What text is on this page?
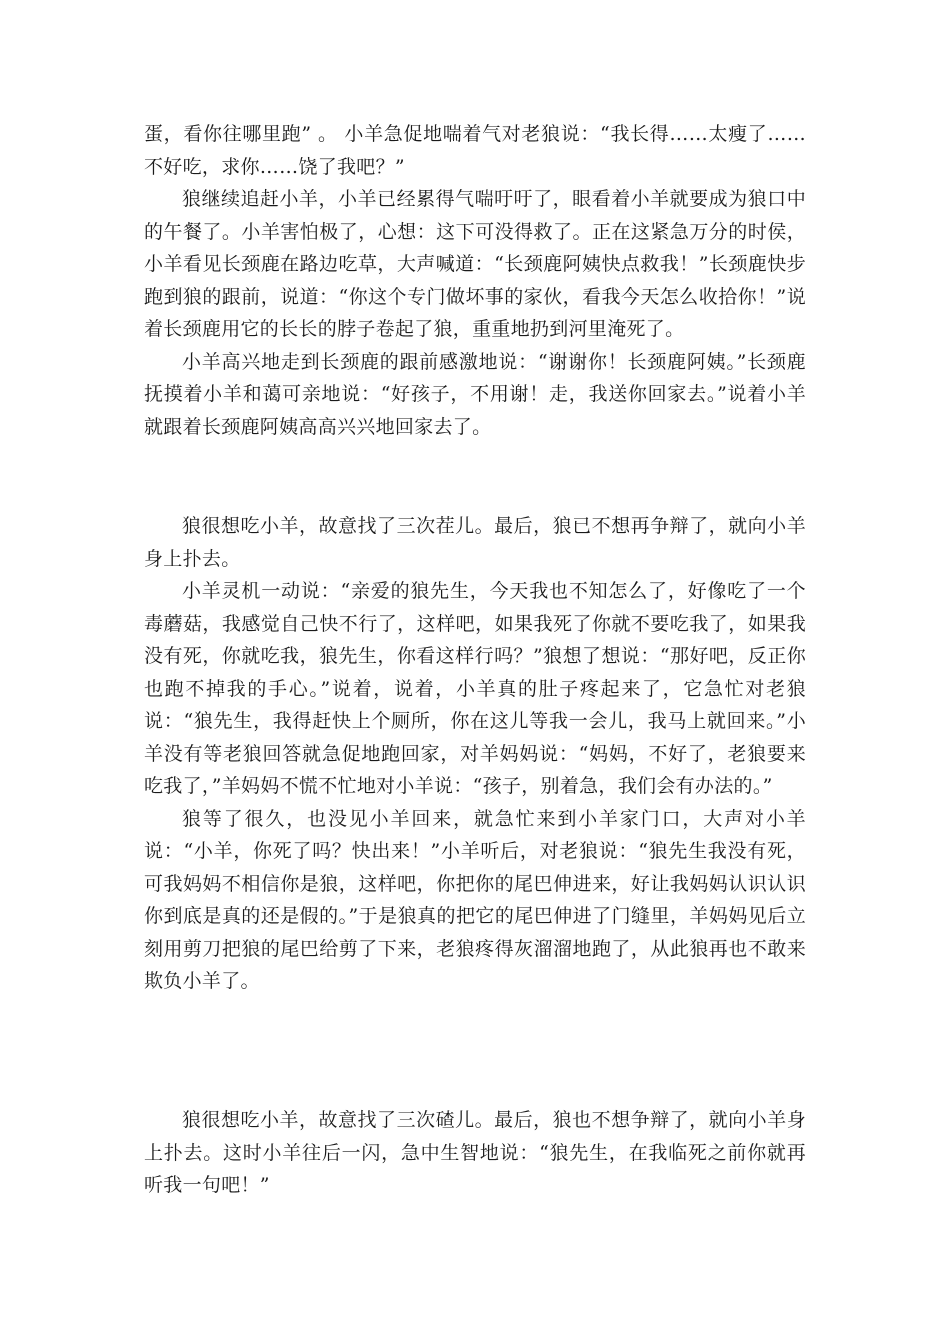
蛋，看你往哪里跑” 。 小羊急促地喘着气对老狼说：“我长得……太瘦了……不好吃，求你……饶了我吧？”

狼继续追赶小羊，小羊已经累得气喘吁吁了，眼看着小羊就要成为狼口中的午餐了。小羊害怕极了，心想：这下可没得救了。正在这紧急万分的时侯，小羊看见长颈鹿在路边吃草，大声喊道：“长颈鹿阿姨快点救我！”长颈鹿快步跑到狼的跟前，说道：“你这个专门做坏事的家伙，看我今天怎么收拾你！”说着长颈鹿用它的长长的脖子卷起了狼，重重地扔到河里淹死了。

小羊高兴地走到长颈鹿的跟前感激地说：“谢谢你！长颈鹿阿姨。”长颈鹿抚摸着小羊和蔼可亲地说：“好孩子，不用谢！走，我送你回家去。”说着小羊就跟着长颈鹿阿姨高高兴兴地回家去了。

狼很想吃小羊，故意找了三次茬儿。最后，狼已不想再争辩了，就向小羊身上扑去。

小羊灵机一动说：“亲爱的狼先生，今天我也不知怎么了，好像吃了一个毒蘑菇，我感觉自己快不行了，这样吧，如果我死了你就不要吃我了，如果我没有死，你就吃我，狼先生，你看这样行吗？”狼想了想说：“那好吧，反正你也跑不掉我的手心。”说着，说着，小羊真的肚子疼起来了，它急忙对老狼说：“狼先生，我得赶快上个厕所，你在这儿等我一会儿，我马上就回来。”小羊没有等老狼回答就急促地跑回家，对羊妈妈说：“妈妈，不好了，老狼要来吃我了，”羊妈妈不慌不忙地对小羊说：“孩子，别着急，我们会有办法的。”

狼等了很久，也没见小羊回来，就急忙来到小羊家门口，大声对小羊说：“小羊，你死了吗？快出来！”小羊听后，对老狼说：“狼先生我没有死，可我妈妈不相信你是狼，这样吧，你把你的尾巴伸进来，好让我妈妈认识认识你到底是真的还是假的。”于是狼真的把它的尾巴伸进了门缝里，羊妈妈见后立刻用剪刀把狼的尾巴给剪了下来，老狼疼得灰溜溜地跑了，从此狼再也不敢来欺负小羊了。

狼很想吃小羊，故意找了三次碴儿。最后，狼也不想争辩了，就向小羊身上扑去。这时小羊往后一闪，急中生智地说：“狼先生，在我临死之前你就再听我一句吧！”
